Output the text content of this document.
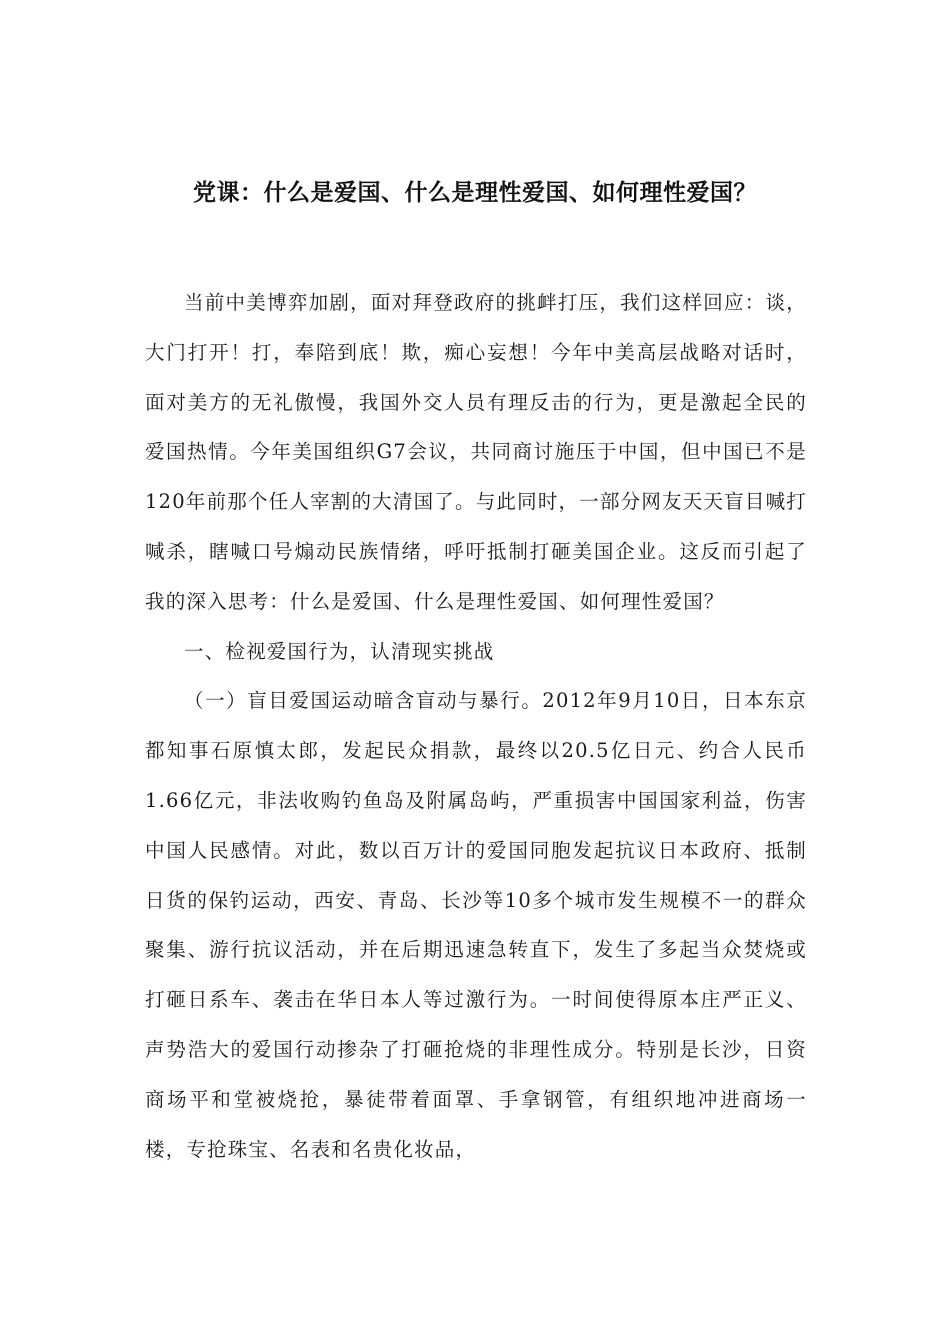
党课：什么是爱国、什么是理性爱国、如何理性爱国？

当前中美博弈加剧，面对拜登政府的挑衅打压，我们这样回应：谈，大门打开！打，奉陪到底！欺，痴心妄想！今年中美高层战略对话时，面对美方的无礼傲慢，我国外交人员有理反击的行为，更是激起全民的爱国热情。今年美国组织G7会议，共同商讨施压于中国，但中国已不是120年前那个任人宰割的大清国了。与此同时，一部分网友天天盲目喊打喊杀，瞎喊口号煽动民族情绪，呼吁抵制打砸美国企业。这反而引起了我的深入思考：什么是爱国、什么是理性爱国、如何理性爱国？

一、检视爱国行为，认清现实挑战

（一）盲目爱国运动暗含盲动与暴行。2012年9月10日，日本东京都知事石原慎太郎，发起民众捐款，最终以20.5亿日元、约合人民币1.66亿元，非法收购钓鱼岛及附属岛屿，严重损害中国国家利益，伤害中国人民感情。对此，数以百万计的爱国同胞发起抗议日本政府、抵制日货的保钓运动，西安、青岛、长沙等10多个城市发生规模不一的群众聚集、游行抗议活动，并在后期迅速急转直下，发生了多起当众焚烧或打砸日系车、袭击在华日本人等过激行为。一时间使得原本庄严正义、声势浩大的爱国行动掺杂了打砸抢烧的非理性成分。特别是长沙，日资商场平和堂被烧抢，暴徒带着面罩、手拿钢管，有组织地冲进商场一楼，专抢珠宝、名表和名贵化妆品，
